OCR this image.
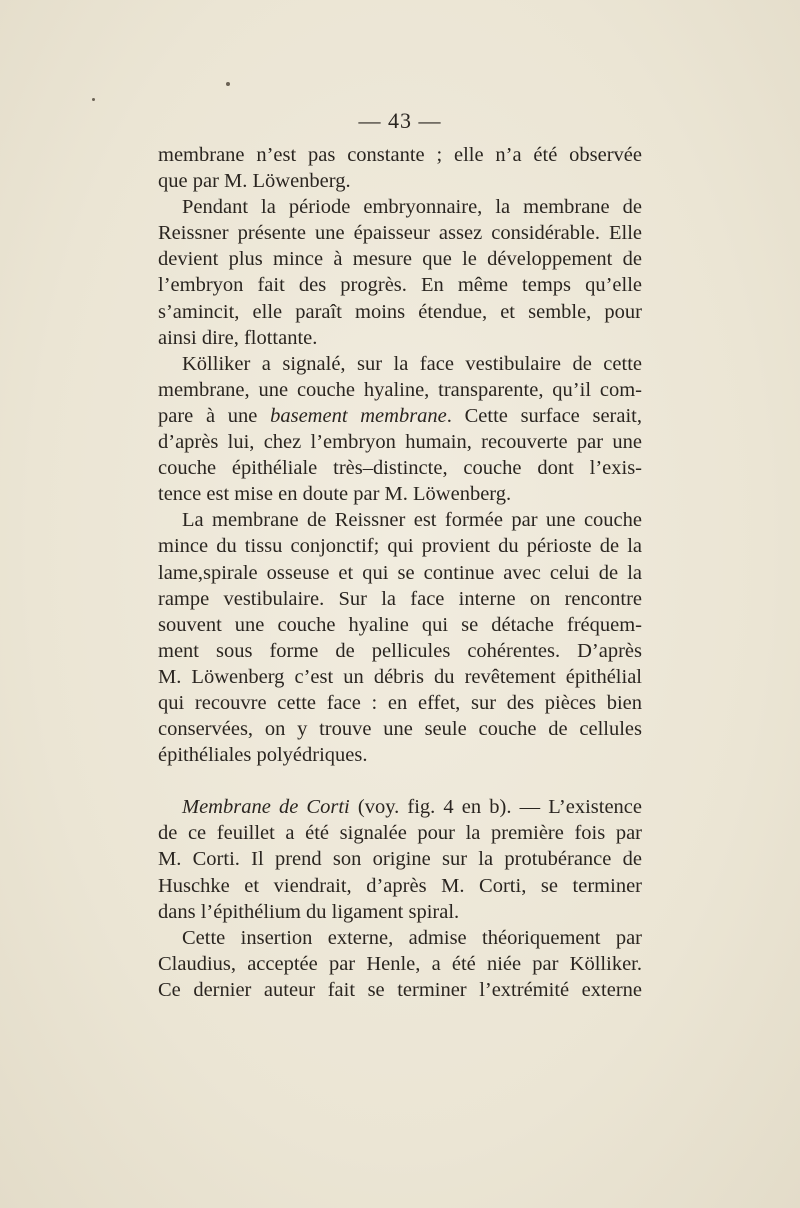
— 43 —

membrane n’est pas constante ; elle n’a été observée
que par M. Löwenberg.

Pendant la période embryonnaire, la membrane de
Reissner présente une épaisseur assez considérable. Elle
devient plus mince à mesure que le développement de
l’embryon fait des progrès. En même temps qu’elle
s’amincit, elle paraît moins étendue, et semble, pour
ainsi dire, flottante.

Kölliker a signalé, sur la face vestibulaire de cette
membrane, une couche hyaline, transparente, qu’il com-
pare à une basement membrane. Cette surface serait,
d’après lui, chez l’embryon humain, recouverte par une
couche épithéliale très–distincte, couche dont l’exis-
tence est mise en doute par M. Löwenberg.

La membrane de Reissner est formée par une couche
mince du tissu conjonctif; qui provient du périoste de la
lame,spirale osseuse et qui se continue avec celui de la
rampe vestibulaire. Sur la face interne on rencontre
souvent une couche hyaline qui se détache fréquem-
ment sous forme de pellicules cohérentes. D’après
M. Löwenberg c’est un débris du revêtement épithélial
qui recouvre cette face : en effet, sur des pièces bien
conservées, on y trouve une seule couche de cellules
épithéliales polyédriques.

Membrane de Corti (voy. fig. 4 en b). — L’existence
de ce feuillet a été signalée pour la première fois par
M. Corti. Il prend son origine sur la protubérance de
Huschke et viendrait, d’après M. Corti, se terminer
dans l’épithélium du ligament spiral.

Cette insertion externe, admise théoriquement par
Claudius, acceptée par Henle, a été niée par Kölliker.
Ce dernier auteur fait se terminer l’extrémité externe
